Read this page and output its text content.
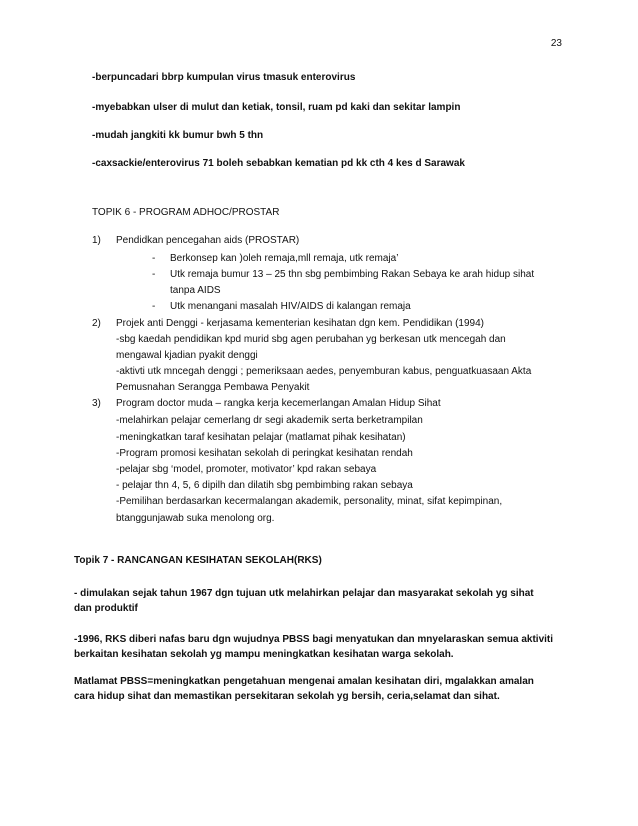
23
-berpuncadari bbrp kumpulan virus tmasuk enterovirus
-myebabkan ulser di mulut dan ketiak, tonsil, ruam pd kaki dan sekitar lampin
-mudah jangkiti kk bumur bwh 5 thn
-caxsackie/enterovirus 71 boleh sebabkan kematian pd kk cth 4 kes d Sarawak
TOPIK 6 - PROGRAM ADHOC/PROSTAR
1) Pendidkan pencegahan aids (PROSTAR)
- Berkonsep kan )oleh remaja,mll remaja, utk remaja’
- Utk remaja bumur 13 – 25 thn sbg pembimbing Rakan Sebaya ke arah hidup sihat
tanpa AIDS
- Utk menangani masalah HIV/AIDS di kalangan remaja
2) Projek anti Denggi - kerjasama kementerian kesihatan dgn kem. Pendidikan (1994)
-sbg kaedah pendidikan kpd murid sbg agen perubahan yg berkesan utk mencegah dan
mengawal kjadian pyakit denggi
-aktivti utk mncegah denggi ; pemeriksaan aedes, penyemburan kabus, penguatkuasaan Akta
Pemusnahan Serangga Pembawa Penyakit
3) Program doctor muda – rangka kerja kecemerlangan Amalan Hidup Sihat
-melahirkan pelajar cemerlang dr segi akademik serta berketrampilan
-meningkatkan taraf kesihatan pelajar (matlamat pihak kesihatan)
-Program promosi kesihatan sekolah di peringkat kesihatan rendah
-pelajar sbg ‘model, promoter, motivator’ kpd rakan sebaya
- pelajar thn 4, 5, 6 dipilh dan dilatih sbg pembimbing rakan sebaya
-Pemilihan berdasarkan kecermalangan akademik, personality, minat, sifat kepimpinan,
btanggunjawab suka menolong org.
Topik 7 - RANCANGAN KESIHATAN SEKOLAH(RKS)
- dimulakan sejak tahun 1967 dgn tujuan utk melahirkan pelajar dan masyarakat sekolah yg sihat dan produktif
-1996, RKS diberi nafas baru dgn wujudnya PBSS bagi menyatukan dan mnyelaraskan semua aktiviti berkaitan kesihatan sekolah yg mampu meningkatkan kesihatan warga sekolah.
Matlamat PBSS=meningkatkan pengetahuan mengenai amalan kesihatan diri, mgalakkan amalan cara hidup sihat dan memastikan persekitaran sekolah yg bersih, ceria,selamat dan sihat.
